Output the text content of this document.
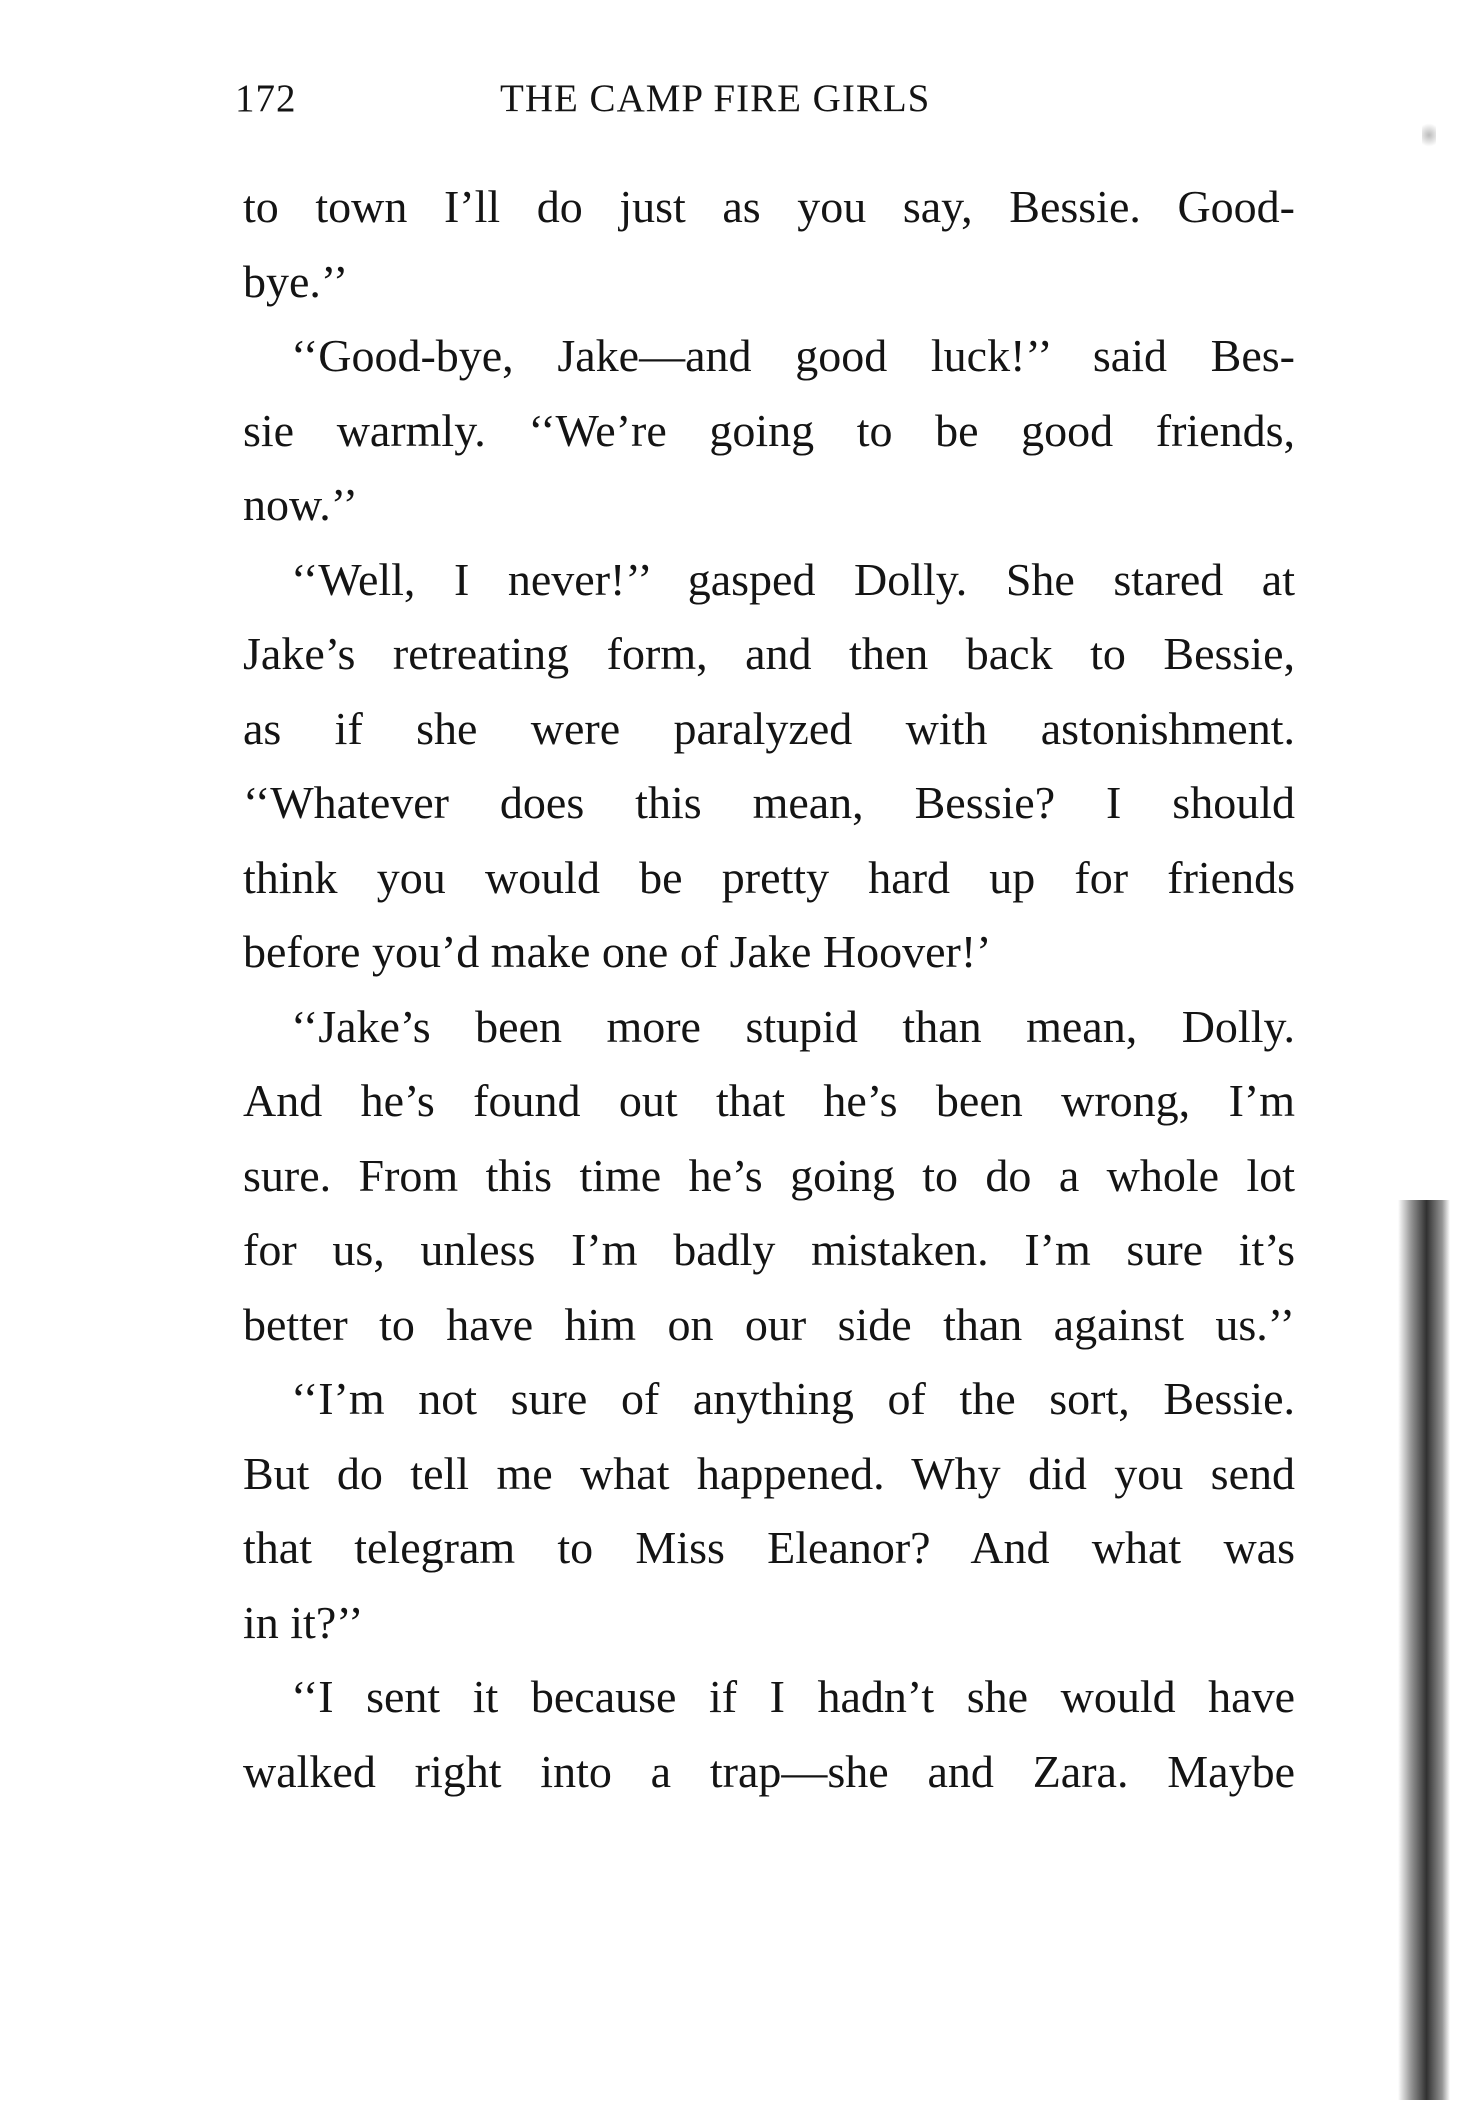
172	THE CAMP FIRE GIRLS
to town I’ll do just as you say, Bessie. Good-
bye.’’
‘‘Good-bye, Jake—and good luck!’’ said Bes-
sie warmly. ‘‘We’re going to be good friends,
now.’’
‘‘Well, I never!’’ gasped Dolly. She stared at
Jake’s retreating form, and then back to Bessie,
as if she were paralyzed with astonishment.
‘‘Whatever does this mean, Bessie? I should
think you would be pretty hard up for friends
before you’d make one of Jake Hoover!’
‘‘Jake’s been more stupid than mean, Dolly.
And he’s found out that he’s been wrong, I’m
sure. From this time he’s going to do a whole lot
for us, unless I’m badly mistaken. I’m sure it’s
better to have him on our side than against us.’’
‘‘I’m not sure of anything of the sort, Bessie.
But do tell me what happened. Why did you send
that telegram to Miss Eleanor? And what was
in it?’’
‘‘I sent it because if I hadn’t she would have
walked right into a trap—she and Zara. Maybe
